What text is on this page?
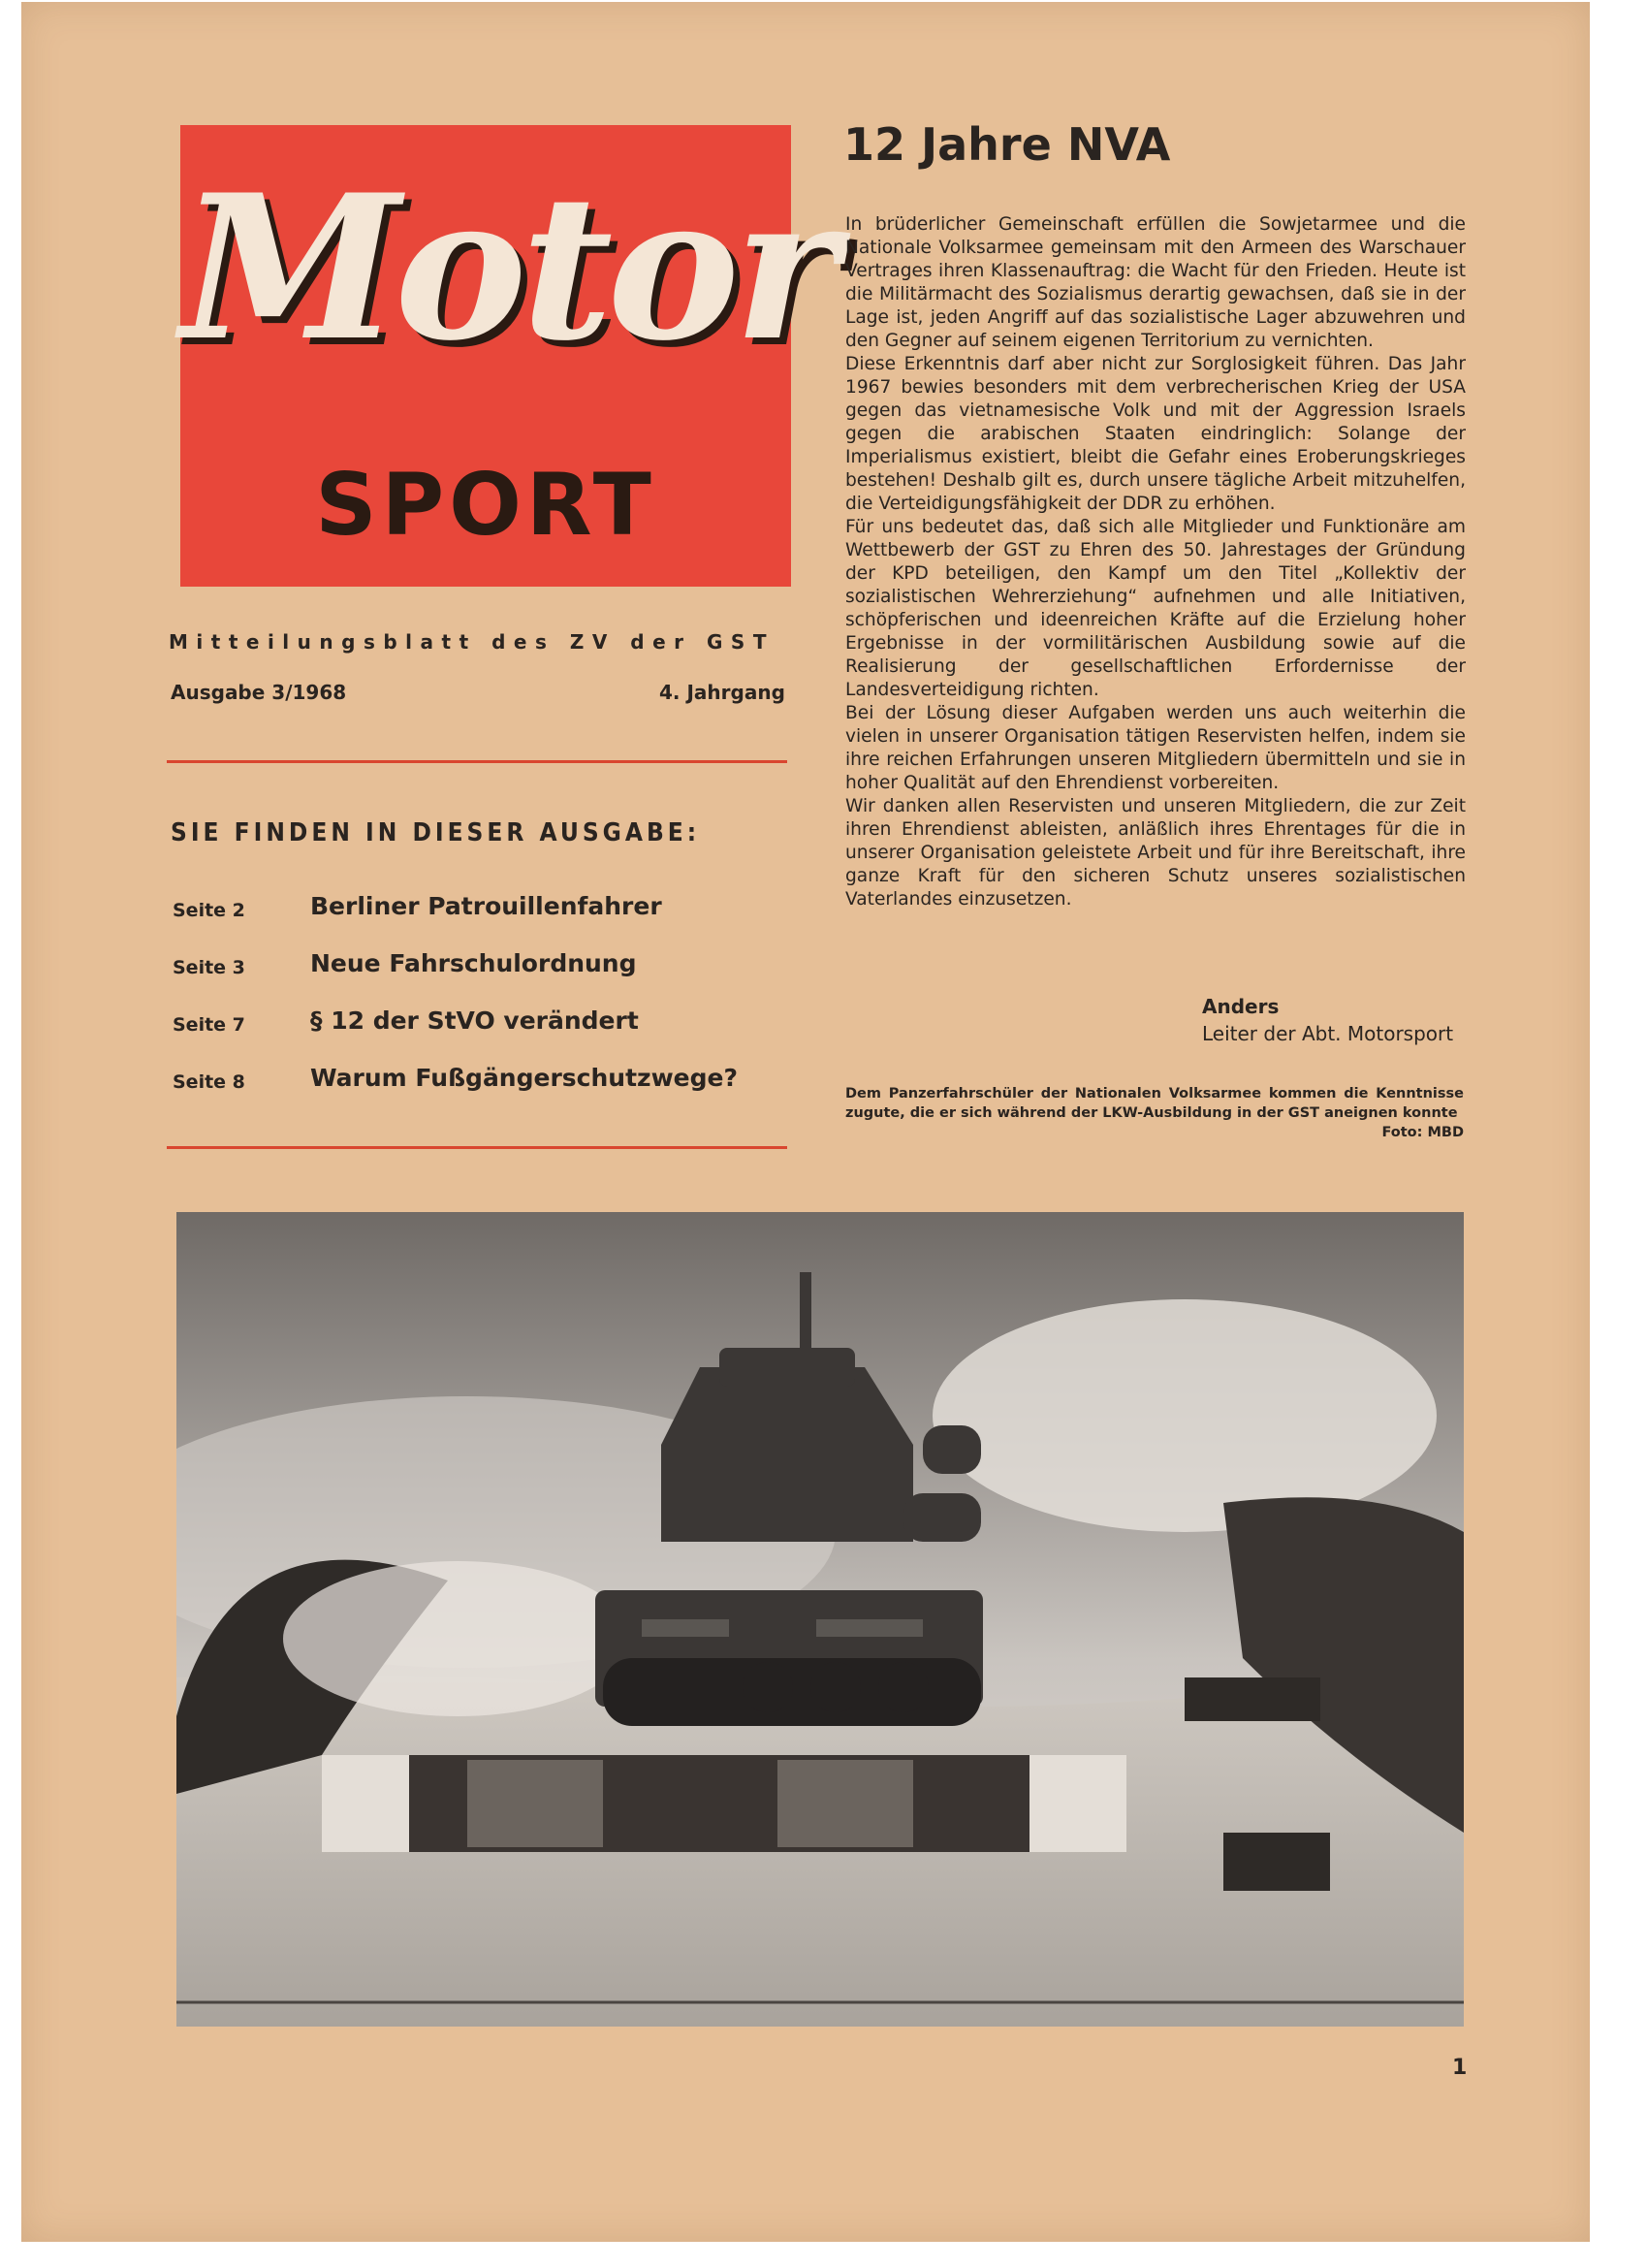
Motor
SPORT
Mitteilungsblatt des ZV der GST
Ausgabe 3/1968	4. Jahrgang
SIE FINDEN IN DIESER AUSGABE:
Seite 2	Berliner Patrouillenfahrer
Seite 3	Neue Fahrschulordnung
Seite 7	§ 12 der StVO verändert
Seite 8	Warum Fußgängerschutzwege?
12 Jahre NVA

In brüderlicher Gemeinschaft erfüllen die Sowjetarmee und die Nationale Volksarmee gemeinsam mit den Armeen des Warschauer Vertrages ihren Klassenauftrag: die Wacht für den Frieden. Heute ist die Militärmacht des Sozialismus derartig gewachsen, daß sie in der Lage ist, jeden Angriff auf das sozialistische Lager abzuwehren und den Gegner auf seinem eigenen Territorium zu vernichten.

Diese Erkenntnis darf aber nicht zur Sorglosigkeit führen. Das Jahr 1967 bewies besonders mit dem verbrecherischen Krieg der USA gegen das vietnamesische Volk und mit der Aggression Israels gegen die arabischen Staaten eindringlich: Solange der Imperialismus existiert, bleibt die Gefahr eines Eroberungskrieges bestehen! Deshalb gilt es, durch unsere tägliche Arbeit mitzuhelfen, die Verteidigungsfähigkeit der DDR zu erhöhen.

Für uns bedeutet das, daß sich alle Mitglieder und Funktionäre am Wettbewerb der GST zu Ehren des 50. Jahrestages der Gründung der KPD beteiligen, den Kampf um den Titel „Kollektiv der sozialistischen Wehrerziehung“ aufnehmen und alle Initiativen, schöpferischen und ideenreichen Kräfte auf die Erzielung hoher Ergebnisse in der vormilitärischen Ausbildung sowie auf die Realisierung der gesellschaftlichen Erfordernisse der Landesverteidigung richten.

Bei der Lösung dieser Aufgaben werden uns auch weiterhin die vielen in unserer Organisation tätigen Reservisten helfen, indem sie ihre reichen Erfahrungen unseren Mitgliedern übermitteln und sie in hoher Qualität auf den Ehrendienst vorbereiten.

Wir danken allen Reservisten und unseren Mitgliedern, die zur Zeit ihren Ehrendienst ableisten, anläßlich ihres Ehrentages für die in unserer Organisation geleistete Arbeit und für ihre Bereitschaft, ihre ganze Kraft für den sicheren Schutz unseres sozialistischen Vaterlandes einzusetzen.

Anders
Leiter der Abt. Motorsport
Dem Panzerfahrschüler der Nationalen Volksarmee kommen die Kenntnisse zugute, die er sich während der LKW-Ausbildung in der GST aneignen konnte
Foto: MBD
1
